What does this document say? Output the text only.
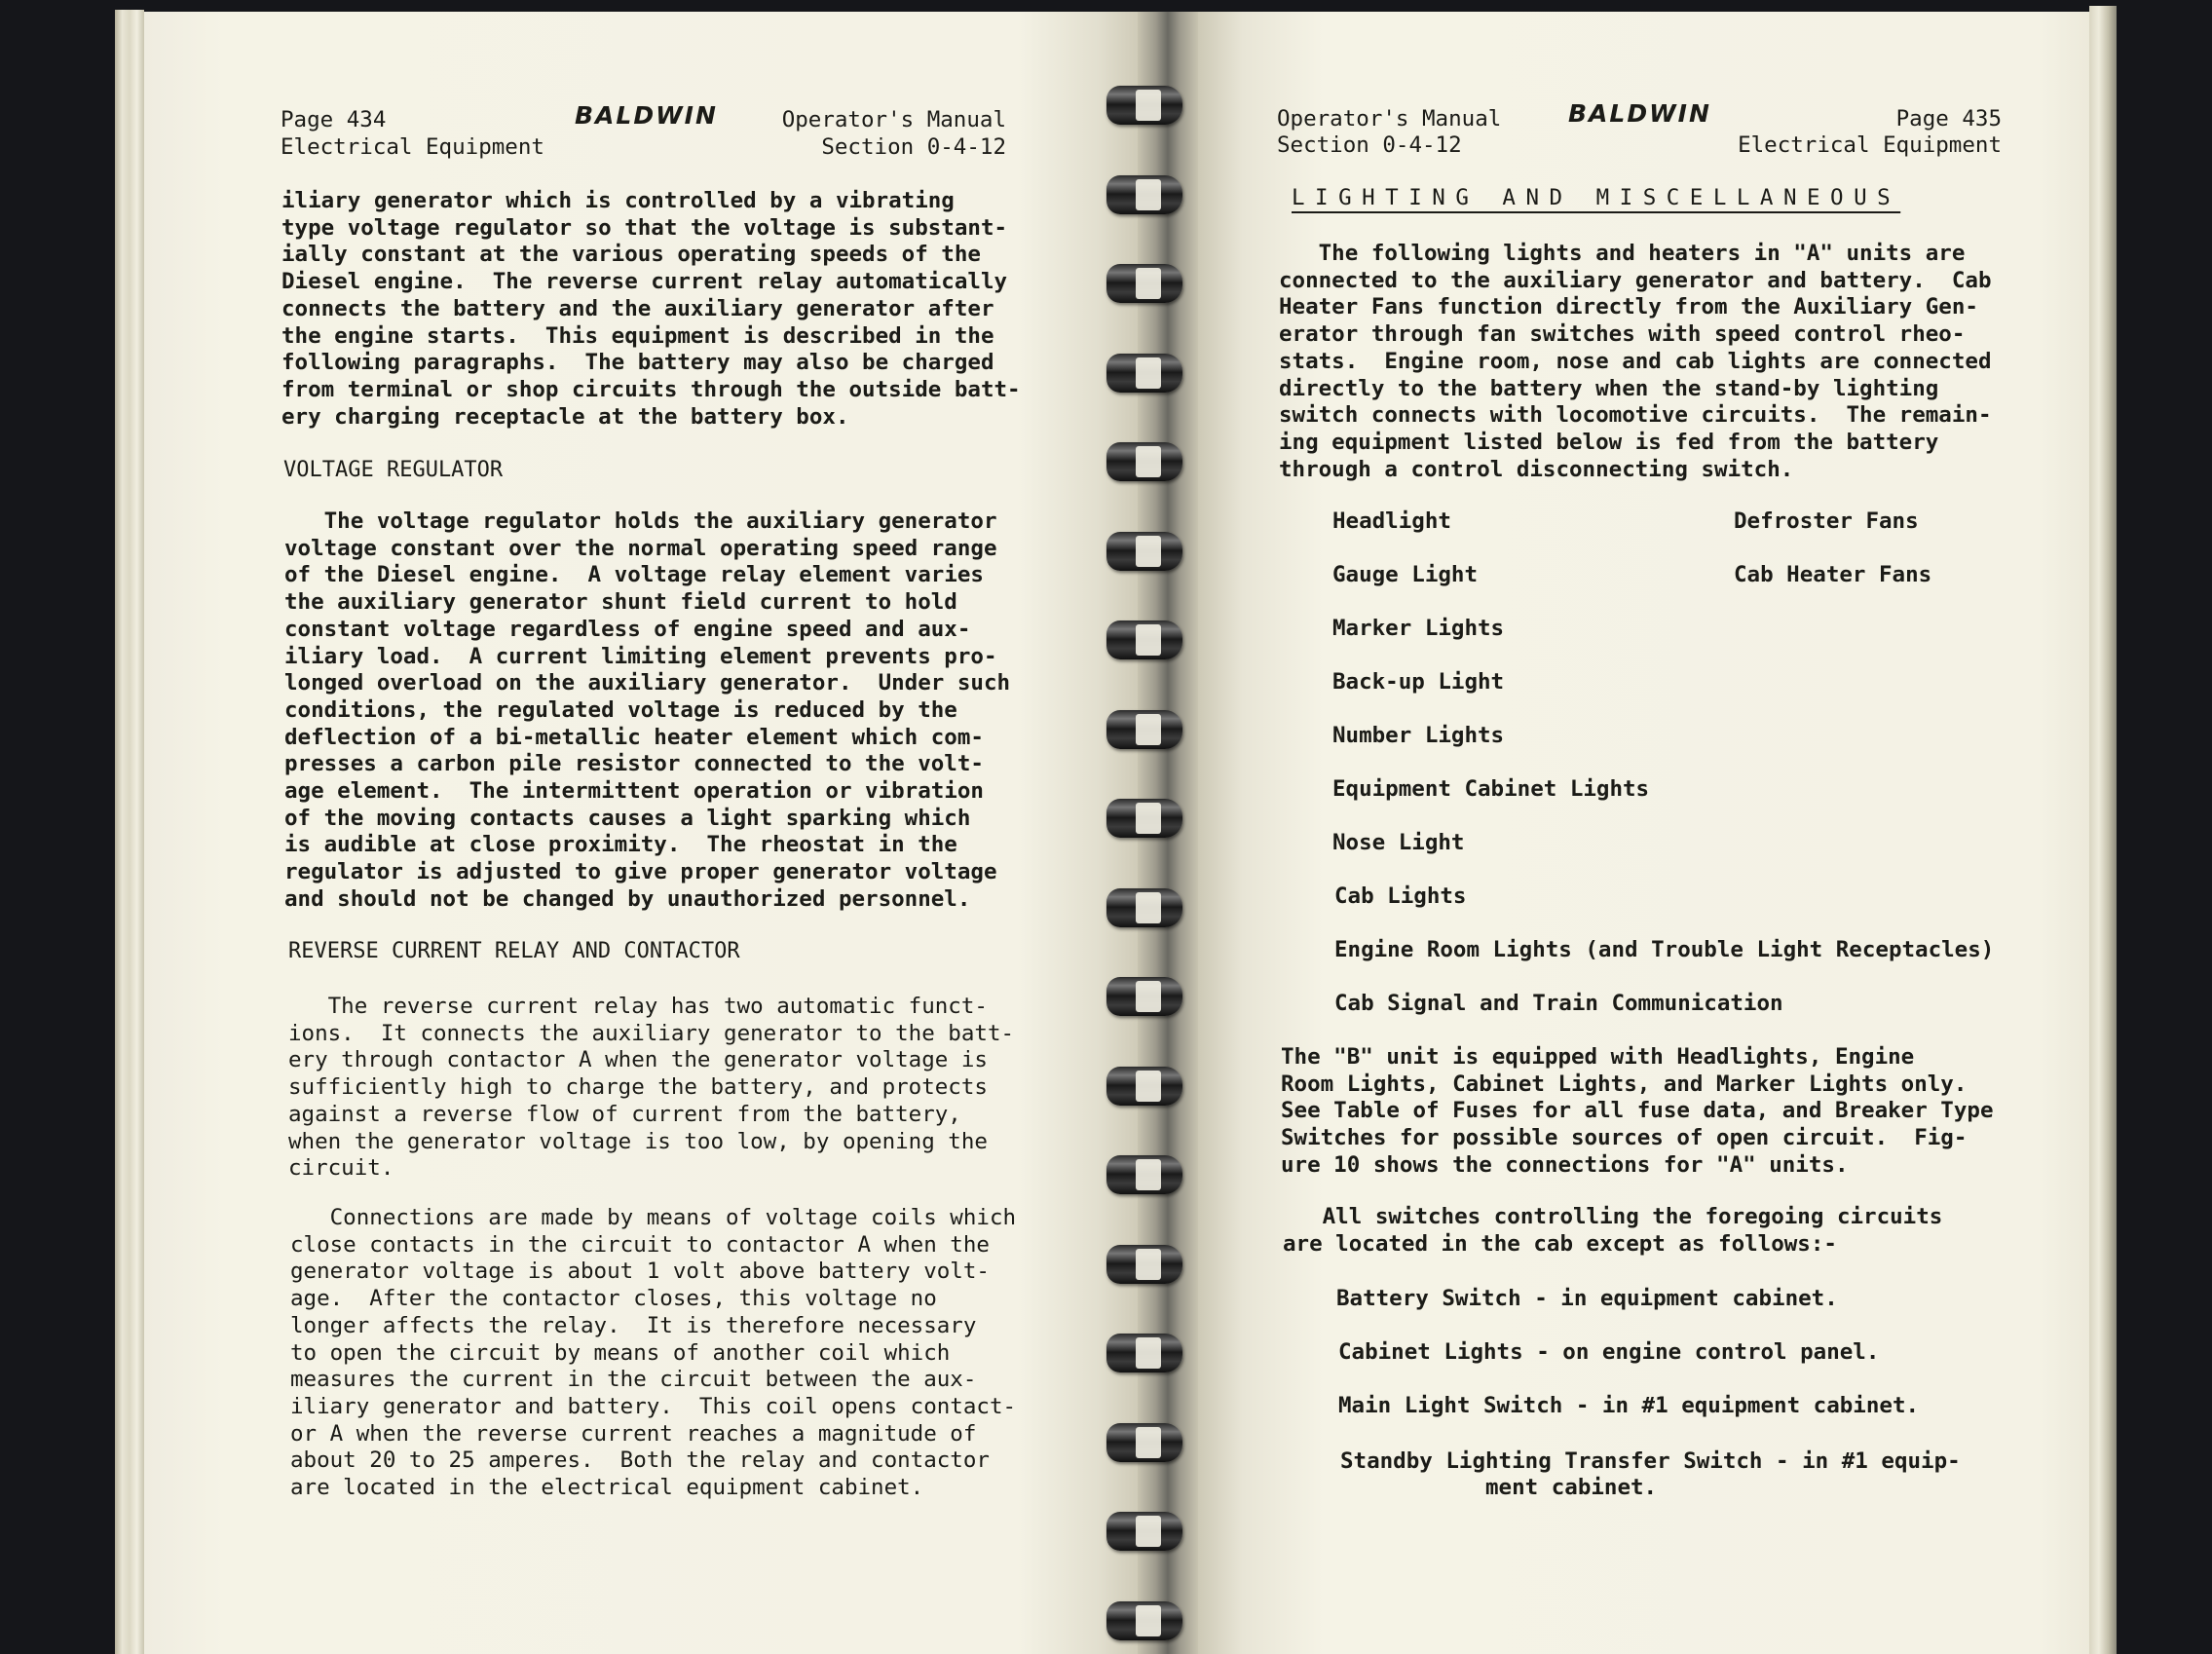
Page 434
Electrical Equipment
BALDWIN	Operator's Manual
Section 0-4-12

iliary generator which is controlled by a vibrating

type voltage regulator so that the voltage is substant-

ially constant at the various operating speeds of the

Diesel engine.  The reverse current relay automatically

connects the battery and the auxiliary generator after

the engine starts.  This equipment is described in the

following paragraphs.  The battery may also be charged

from terminal or shop circuits through the outside batt-

ery charging receptacle at the battery box.

VOLTAGE REGULATOR

The voltage regulator holds the auxiliary generator

voltage constant over the normal operating speed range

of the Diesel engine.  A voltage relay element varies

the auxiliary generator shunt field current to hold

constant voltage regardless of engine speed and aux-

iliary load.  A current limiting element prevents pro-

longed overload on the auxiliary generator.  Under such

conditions, the regulated voltage is reduced by the

deflection of a bi-metallic heater element which com-

presses a carbon pile resistor connected to the volt-

age element.  The intermittent operation or vibration

of the moving contacts causes a light sparking which

is audible at close proximity.  The rheostat in the

regulator is adjusted to give proper generator voltage

and should not be changed by unauthorized personnel.

REVERSE CURRENT RELAY AND CONTACTOR

The reverse current relay has two automatic funct-

ions.  It connects the auxiliary generator to the batt-

ery through contactor A when the generator voltage is

sufficiently high to charge the battery, and protects

against a reverse flow of current from the battery,

when the generator voltage is too low, by opening the

circuit.

Connections are made by means of voltage coils which

close contacts in the circuit to contactor A when the

generator voltage is about 1 volt above battery volt-

age.  After the contactor closes, this voltage no

longer affects the relay.  It is therefore necessary

to open the circuit by means of another coil which

measures the current in the circuit between the aux-

iliary generator and battery.  This coil opens contact-

or A when the reverse current reaches a magnitude of

about 20 to 25 amperes.  Both the relay and contactor

are located in the electrical equipment cabinet.

Operator's Manual
Section 0-4-12
BALDWIN	Page 435
Electrical Equipment
LIGHTING AND MISCELLANEOUS

The following lights and heaters in "A" units are

connected to the auxiliary generator and battery.  Cab

Heater Fans function directly from the Auxiliary Gen-

erator through fan switches with speed control rheo-

stats.  Engine room, nose and cab lights are connected

directly to the battery when the stand-by lighting

switch connects with locomotive circuits.  The remain-

ing equipment listed below is fed from the battery

through a control disconnecting switch.

Headlight
Gauge Light
Marker Lights
Back-up Light
Number Lights
Equipment Cabinet Lights
Nose Light
Cab Lights
Engine Room Lights (and Trouble Light Receptacles)
Cab Signal and Train Communication
Defroster Fans
Cab Heater Fans

The "B" unit is equipped with Headlights, Engine

Room Lights, Cabinet Lights, and Marker Lights only.

See Table of Fuses for all fuse data, and Breaker Type

Switches for possible sources of open circuit.  Fig-

ure 10 shows the connections for "A" units.

All switches controlling the foregoing circuits

are located in the cab except as follows:-

Battery Switch - in equipment cabinet.
Cabinet Lights - on engine control panel.
Main Light Switch - in #1 equipment cabinet.
Standby Lighting Transfer Switch - in #1 equip-
ment cabinet.
